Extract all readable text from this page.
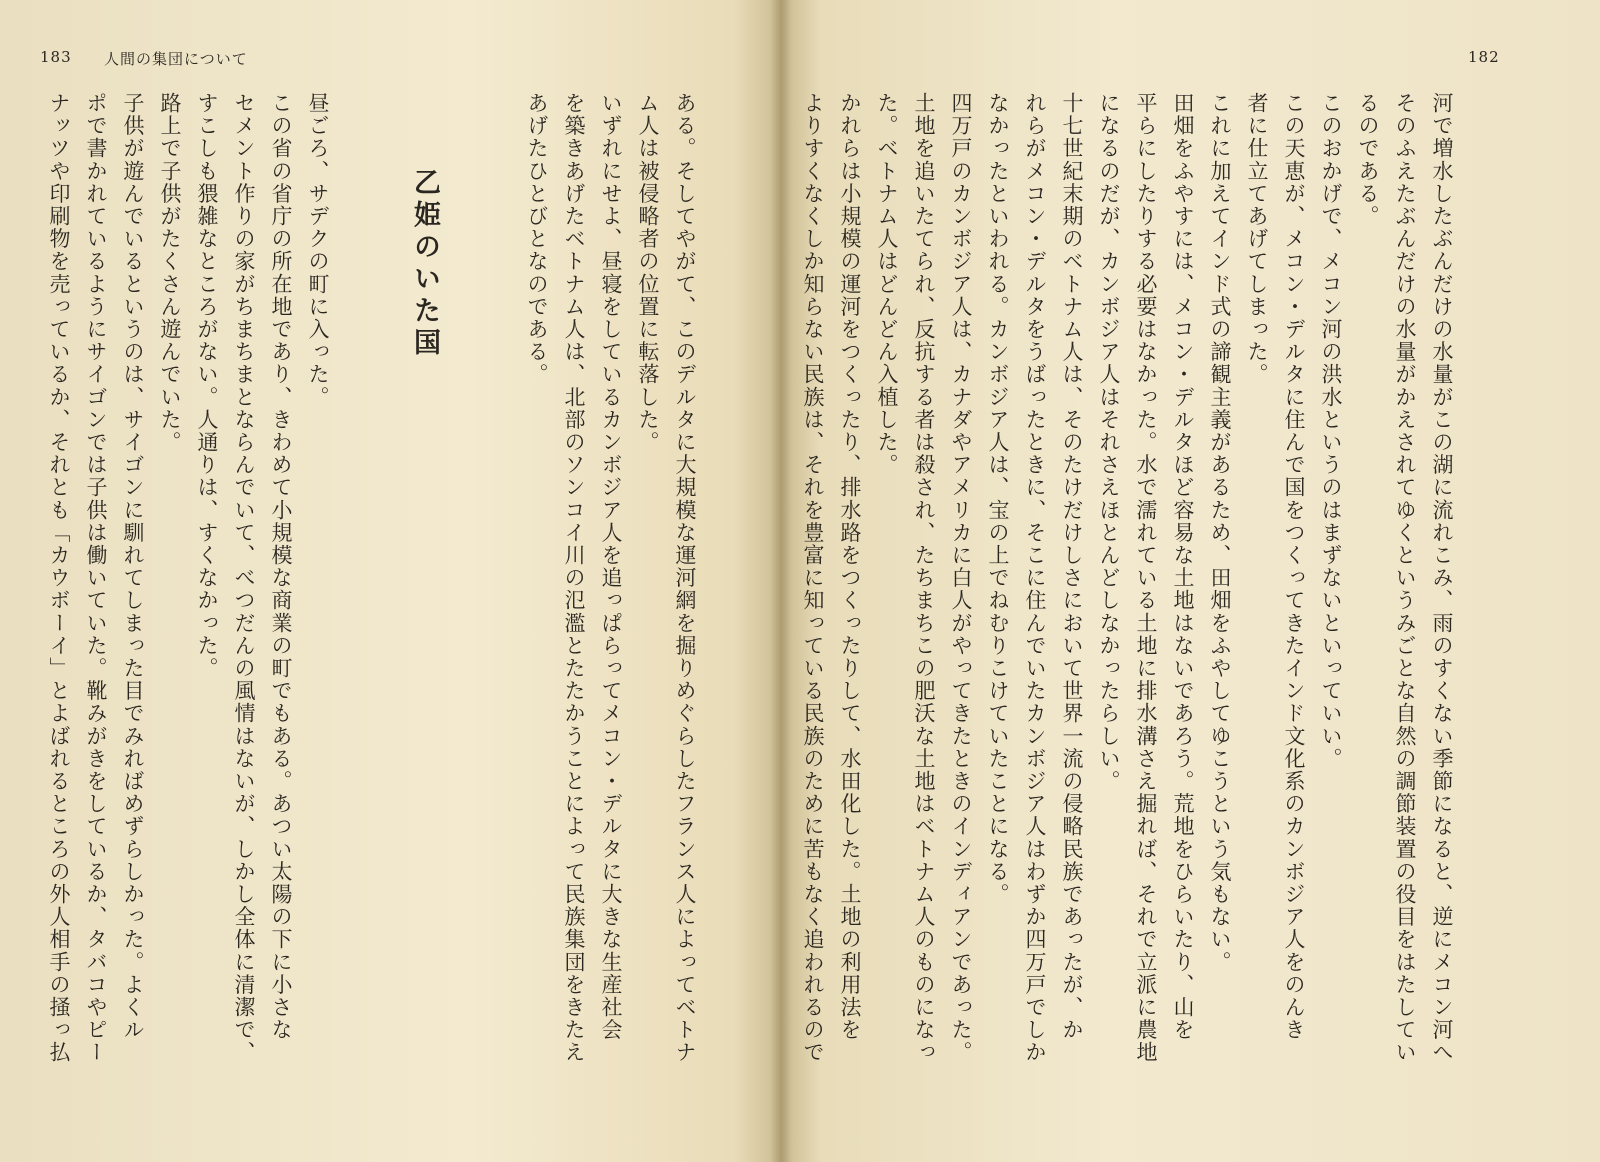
183 人間の集団について
ある。そしてやがて、このデルタに大規模な運河網を掘りめぐらしたフランス人によってベトナ
ム人は被侵略者の位置に転落した。
いずれにせよ、昼寝をしているカンボジア人を追っぱらってメコン・デルタに大きな生産社会
を築きあげたベトナム人は、北部のソンコイ川の氾濫とたたかうことによって民族集団をきたえ
あげたひとびとなのである。
乙姫のいた国
昼ごろ、サデクの町に入った。
この省の省庁の所在地であり、きわめて小規模な商業の町でもある。あつい太陽の下に小さな
セメント作りの家がちまちまとならんでいて、べつだんの風情はないが、しかし全体に清潔で、
すこしも猥雑なところがない。人通りは、すくなかった。
路上で子供がたくさん遊んでいた。
子供が遊んでいるというのは、サイゴンに馴れてしまった目でみればめずらしかった。よくル
ポで書かれているようにサイゴンでは子供は働いていた。靴みがきをしているか、タバコやピー
ナッツや印刷物を売っているか、それとも「カウボーイ」とよばれるところの外人相手の掻っ払
182
河で増水したぶんだけの水量がこの湖に流れこみ、雨のすくない季節になると、逆にメコン河へ
そのふえたぶんだけの水量がかえされてゆくというみごとな自然の調節装置の役目をはたしてい
るのである。
このおかげで、メコン河の洪水というのはまずないといっていい。
この天恵が、メコン・デルタに住んで国をつくってきたインド文化系のカンボジア人をのんき
者に仕立てあげてしまった。
これに加えてインド式の諦観主義があるため、田畑をふやしてゆこうという気もない。
田畑をふやすには、メコン・デルタほど容易な土地はないであろう。荒地をひらいたり、山を
平らにしたりする必要はなかった。水で濡れている土地に排水溝さえ掘れば、それで立派に農地
になるのだが、カンボジア人はそれさえほとんどしなかったらしい。
十七世紀末期のベトナム人は、そのたけだけしさにおいて世界一流の侵略民族であったが、か
れらがメコン・デルタをうばったときに、そこに住んでいたカンボジア人はわずか四万戸でしか
なかったといわれる。カンボジア人は、宝の上でねむりこけていたことになる。
四万戸のカンボジア人は、カナダやアメリカに白人がやってきたときのインディアンであった。
土地を追いたてられ、反抗する者は殺され、たちまちこの肥沃な土地はベトナム人のものになっ
た。ベトナム人はどんどん入植した。
かれらは小規模の運河をつくったり、排水路をつくったりして、水田化した。土地の利用法を
よりすくなくしか知らない民族は、それを豊富に知っている民族のために苦もなく追われるので
